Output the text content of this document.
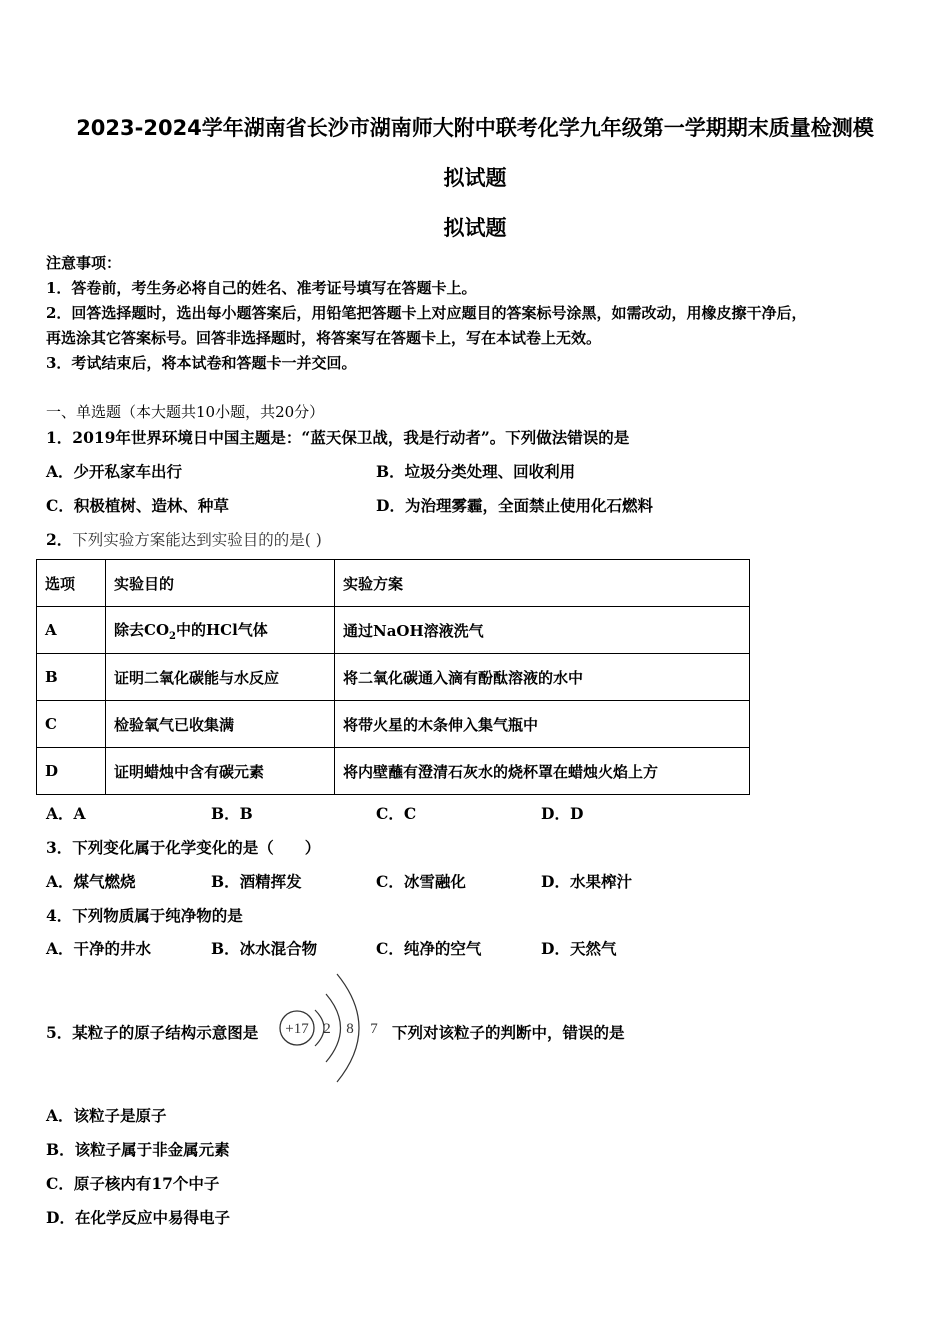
2023-2024学年湖南省长沙市湖南师大附中联考化学九年级第一学期期末质量检测模
拟试题
拟试题
注意事项：
1．答卷前，考生务必将自己的姓名、准考证号填写在答题卡上。
2．回答选择题时，选出每小题答案后，用铅笔把答题卡上对应题目的答案标号涂黑，如需改动，用橡皮擦干净后，
再选涂其它答案标号。回答非选择题时，将答案写在答题卡上，写在本试卷上无效。
3．考试结束后，将本试卷和答题卡一并交回。
一、单选题（本大题共10小题，共20分）
1．2019年世界环境日中国主题是：“蓝天保卫战，我是行动者”。下列做法错误的是
A．少开私家车出行	B．垃圾分类处理、回收利用
C．积极植树、造林、种草	D．为治理雾霾，全面禁止使用化石燃料
2．下列实验方案能达到实验目的的是( )
选项	实验目的	实验方案
A	除去$CO_2$中的HCl气体	通过NaOH溶液洗气
B	证明二氧化碳能与水反应	将二氧化碳通入滴有酚酞溶液的水中
C	检验氧气已收集满	将带火星的木条伸入集气瓶中
D	证明蜡烛中含有碳元素	将内壁蘸有澄清石灰水的烧杯罩在蜡烛火焰上方
A．A	B．B	C．C	D．D
3．下列变化属于化学变化的是（　　）
A．煤气燃烧	B．酒精挥发	C．冰雪融化	D．水果榨汁
4．下列物质属于纯净物的是
A．干净的井水	B．冰水混合物	C．纯净的空气	D．天然气
5．某粒子的原子结构示意图是 +17 2 8 7 下列对该粒子的判断中，错误的是
A．该粒子是原子
B．该粒子属于非金属元素
C．原子核内有17个中子
D．在化学反应中易得电子
